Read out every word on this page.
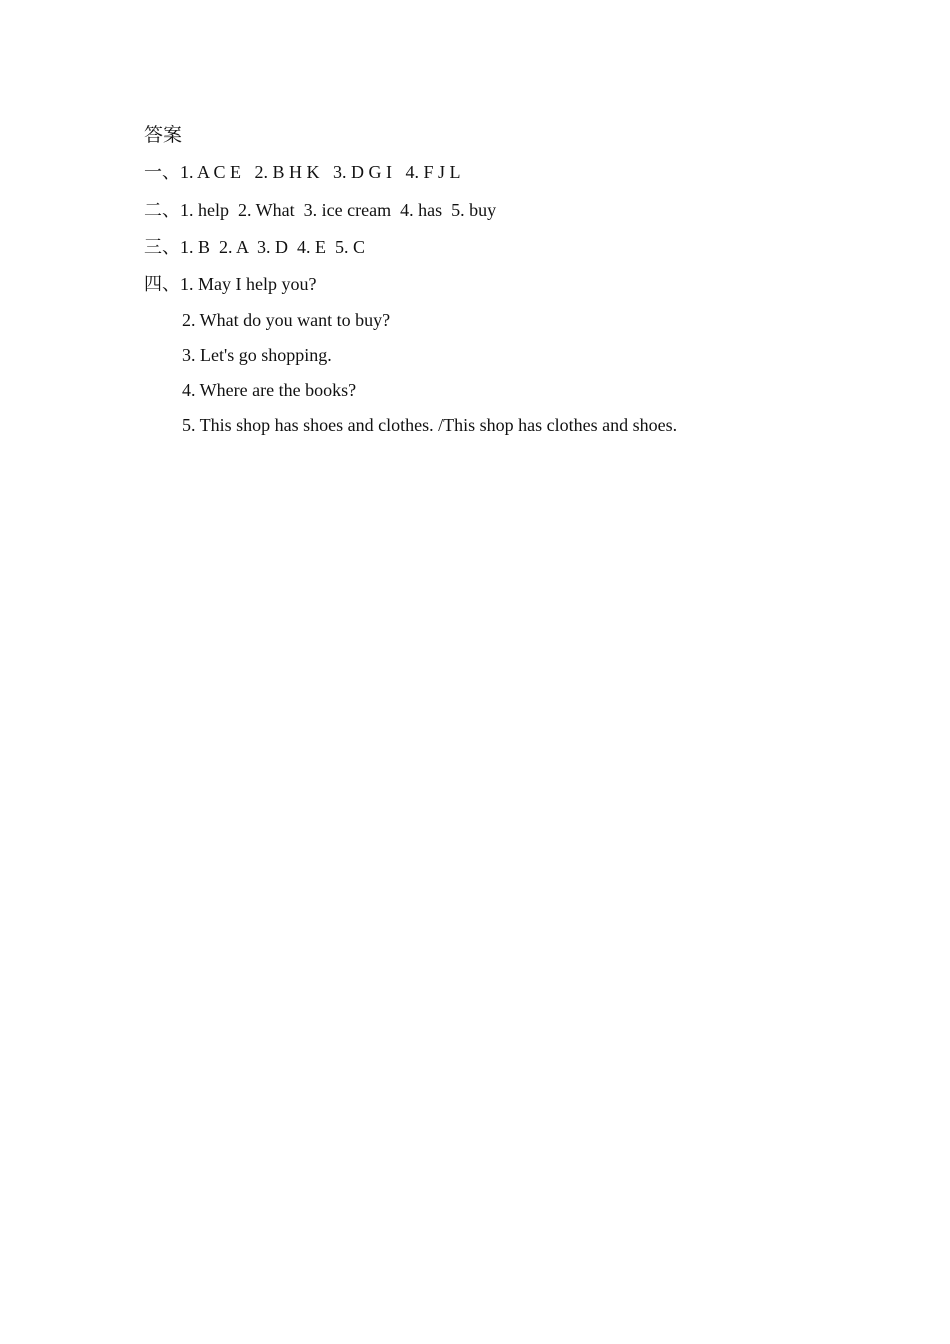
答案
一、1. A C E   2. B H K   3. D G I   4. F J L
二、1. help  2. What  3. ice cream  4. has  5. buy
三、1. B  2. A  3. D  4. E  5. C
四、1. May I help you?
2. What do you want to buy?
3. Let's go shopping.
4. Where are the books?
5. This shop has shoes and clothes. /This shop has clothes and shoes.
